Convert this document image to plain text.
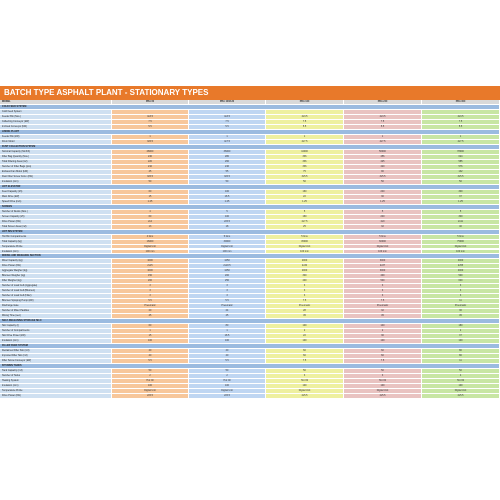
BATCH TYPE ASPHALT PLANT - STATIONARY TYPES
MODEL	PBA 60	PBA 100/120	PBA 160	PBA 240	PBA 300
COLD FEED SYSTEM
Cold Feed System
Feeder Bin (Nos.)	4x3.5	4x3.5	4x3.5	4x3.5	4x3.5
Collecting Conveyor (kW)	7.5	7.5	7.5	7.5	7.5
Inclined Conveyor (kW)	5.5	5.5	5.5	5.5	5.5
LIMING PLANT
Feeder Bin (kW)	1	1	1	1	1
Drum Motor	3x5.5	4x7.5	4x7.5	4x7.5	4x7.5
DUST COLLECTION SYSTEM
Nominal Capacity (Nm3/h)	28000	36000	44000	56000	78000
Filter Bag Quantity (Nos.)	240	280	336	456	624
Total Filtering Area (m2)	220	260	336	425	585
Number of Filter Bags (pcs)	210	246	336	420	576
Exhaust Fan Motor (kW)	45	55	75	90	132
Dust Filter Screw Conv. (kW)	3x5.5	3x5.5	3x5.5	3x5.5	3x5.5
Insulation (mm)	50	50	50	50	50
HOT ELEVATOR
Feed Capacity (t/h)	60	100	160	240	300
Main Drive (kW)	15	18.5	22	30	37
Speed Drive (m/s)	1.25	1.25	1.25	1.25	1.25
SCREEN
Number of Decks (Nos.)	4	5	5	5	5
Screen Capacity (t/h)	60	100	160	240	300
Drive Power (kW)	2x4	2x5.5	2x7.5	2x9	2x11
Total Screen Area (m2)	13	18	25	32	40
HOT BIN SYSTEM
Hot Bin Compartments	4 bins	5 bins	5 bins	5 bins	5 bins
Total Capacity (kg)	16000	30000	45000	60000	75000
Temperature Probe	Digital Unit	Digital Unit	Digital Unit	Digital Unit	Digital Unit
Insulation (mm)	100 mm	100 mm	100 mm	100 mm	100 mm
MIXING AND WEIGHING SECTION
Mixer Capacity (kg)	1000	1250	2000	3000	4000
Drive Power (kW)	2x15	2x18.5	2x30	2x37	2x55
Aggregate Weigher (kg)	1000	1250	2000	3000	4000
Bitumen Weigher (kg)	150	200	300	400	500
Filler Weigher (kg)	200	250	400	500	600
Number of Load Cell (Aggregate)	3	3	3	3	3
Number of Load Cell (Bitumen)	3	3	3	3	3
Number of Load Cell (Filler)	3	3	3	3	3
Bitumen Spraying Pump (kW)	5.5	5.5	7.5	7.5	11
Discharge Gate	Pneumatic	Pneumatic	Pneumatic	Pneumatic	Pneumatic
Number of Mixer Paddles	20	24	28	32	36
Mixing Time (sec)	45	45	45	45	45
SELF-RELEASING STORAGE SILO
Silo Capacity (t)	60	80	100	140	180
Number of Compartments	1	1	2	2	2
Silo Drive Power (kW)	15	18.5	22	30	37
Insulation (mm)	100	100	100	100	100
FILLER FEED SYSTEM
Reclaimed Filler Silo (m3)	40	40	60	60	80
Imported Filler Silo (m3)	40	40	60	60	80
Filler Screw Conveyor (kW)	5.5	5.5	7.5	7.5	11
BITUMEN TANKS
Tank Capacity (m3)	50	50	50	50	50
Number of Tanks	2	2	3	3	4
Heating System	Hot Oil	Hot Oil	Hot Oil	Hot Oil	Hot Oil
Insulation (mm)	100	100	100	100	100
Temperature Probe	Digital Unit	Digital Unit	Digital Unit	Digital Unit	Digital Unit
Drive Power (kW)	2x5.5	2x5.5	2x5.5	2x5.5	2x5.5
